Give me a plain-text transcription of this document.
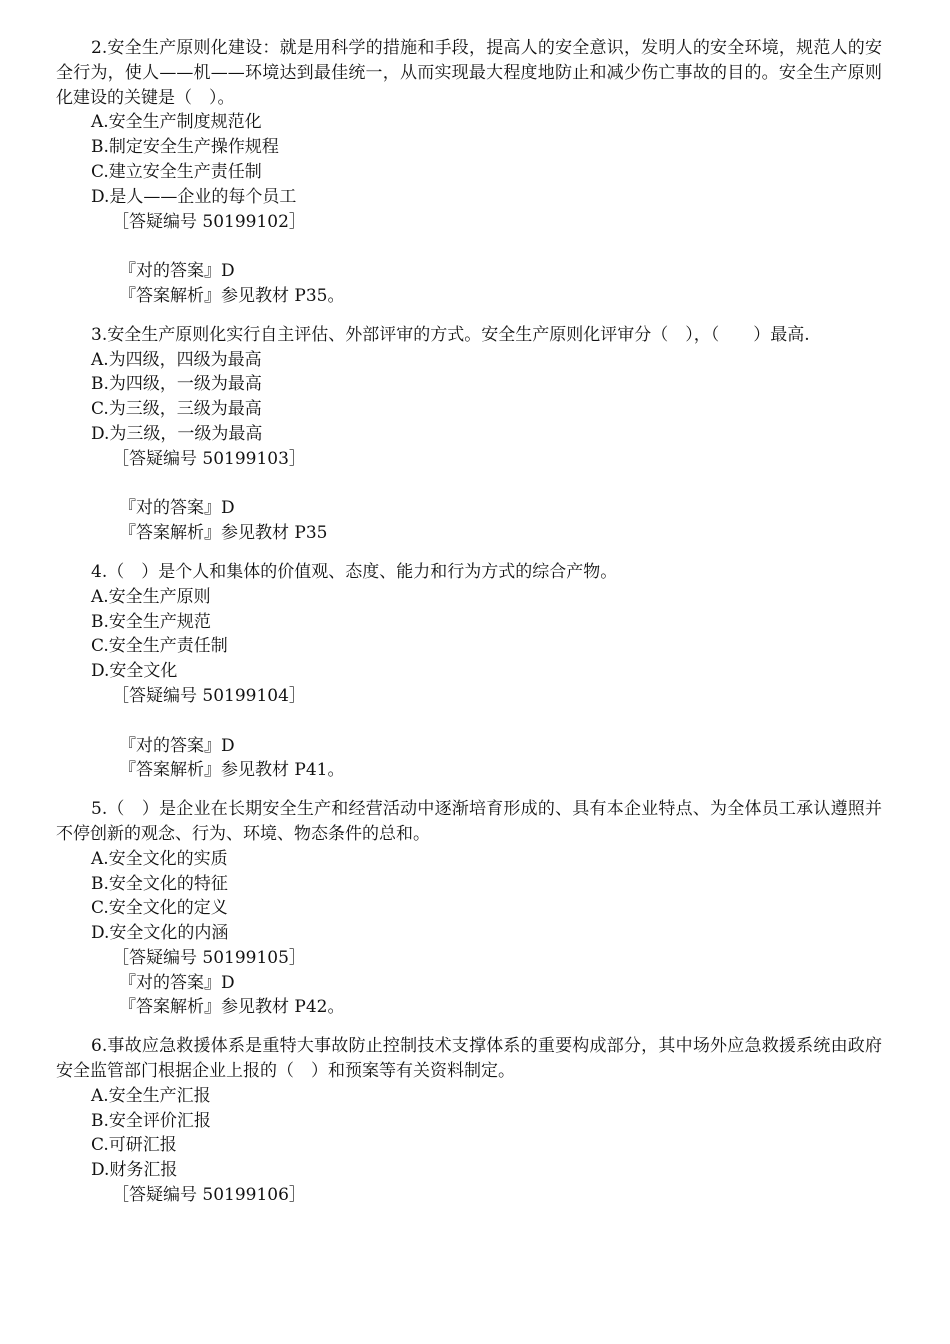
2.安全生产原则化建设：就是用科学的措施和手段，提高人的安全意识，发明人的安全环境，规范人的安全行为，使人——机——环境达到最佳统一，从而实现最大程度地防止和减少伤亡事故的目的。安全生产原则化建设的关键是（　）。
A.安全生产制度规范化
B.制定安全生产操作规程
C.建立安全生产责任制
D.是人——企业的每个员工
［答疑编号 50199102］
『对的答案』D
『答案解析』参见教材 P35。
3.安全生产原则化实行自主评估、外部评审的方式。安全生产原则化评审分（　），（　　）最高.
A.为四级，四级为最高
B.为四级，一级为最高
C.为三级，三级为最高
D.为三级，一级为最高
［答疑编号 50199103］
『对的答案』D
『答案解析』参见教材 P35
4.（　）是个人和集体的价值观、态度、能力和行为方式的综合产物。
A.安全生产原则
B.安全生产规范
C.安全生产责任制
D.安全文化
［答疑编号 50199104］
『对的答案』D
『答案解析』参见教材 P41。
5.（　）是企业在长期安全生产和经营活动中逐渐培育形成的、具有本企业特点、为全体员工承认遵照并不停创新的观念、行为、环境、物态条件的总和。
A.安全文化的实质
B.安全文化的特征
C.安全文化的定义
D.安全文化的内涵
［答疑编号 50199105］
『对的答案』D
『答案解析』参见教材 P42。
6.事故应急救援体系是重特大事故防止控制技术支撑体系的重要构成部分，其中场外应急救援系统由政府安全监管部门根据企业上报的（　）和预案等有关资料制定。
A.安全生产汇报
B.安全评价汇报
C.可研汇报
D.财务汇报
［答疑编号 50199106］
